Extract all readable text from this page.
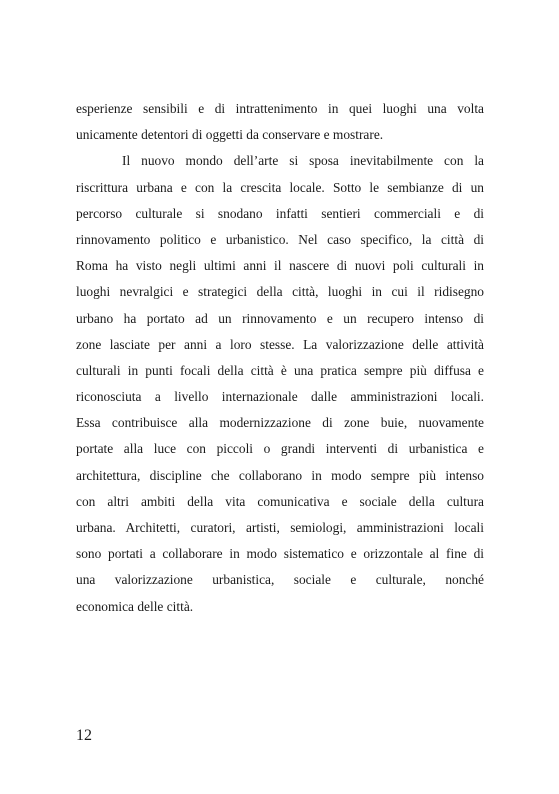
esperienze sensibili e di intrattenimento in quei luoghi una volta
unicamente detentori di oggetti da conservare e mostrare.
Il nuovo mondo dell’arte si sposa inevitabilmente con la
riscrittura urbana e con la crescita locale. Sotto le sembianze di un
percorso culturale si snodano infatti sentieri commerciali e di
rinnovamento politico e urbanistico. Nel caso specifico, la città di
Roma ha visto negli ultimi anni il nascere di nuovi poli culturali in
luoghi nevralgici e strategici della città, luoghi in cui il ridisegno
urbano ha portato ad un rinnovamento e un recupero intenso di
zone lasciate per anni a loro stesse. La valorizzazione delle attività
culturali in punti focali della città è una pratica sempre più diffusa e
riconosciuta a livello internazionale dalle amministrazioni locali.
Essa contribuisce alla modernizzazione di zone buie, nuovamente
portate alla luce con piccoli o grandi interventi di urbanistica e
architettura, discipline che collaborano in modo sempre più intenso
con altri ambiti della vita comunicativa e sociale della cultura
urbana. Architetti, curatori, artisti, semiologi, amministrazioni locali
sono portati a collaborare in modo sistematico e orizzontale al fine di
una valorizzazione urbanistica, sociale e culturale, nonché
economica delle città.
12
